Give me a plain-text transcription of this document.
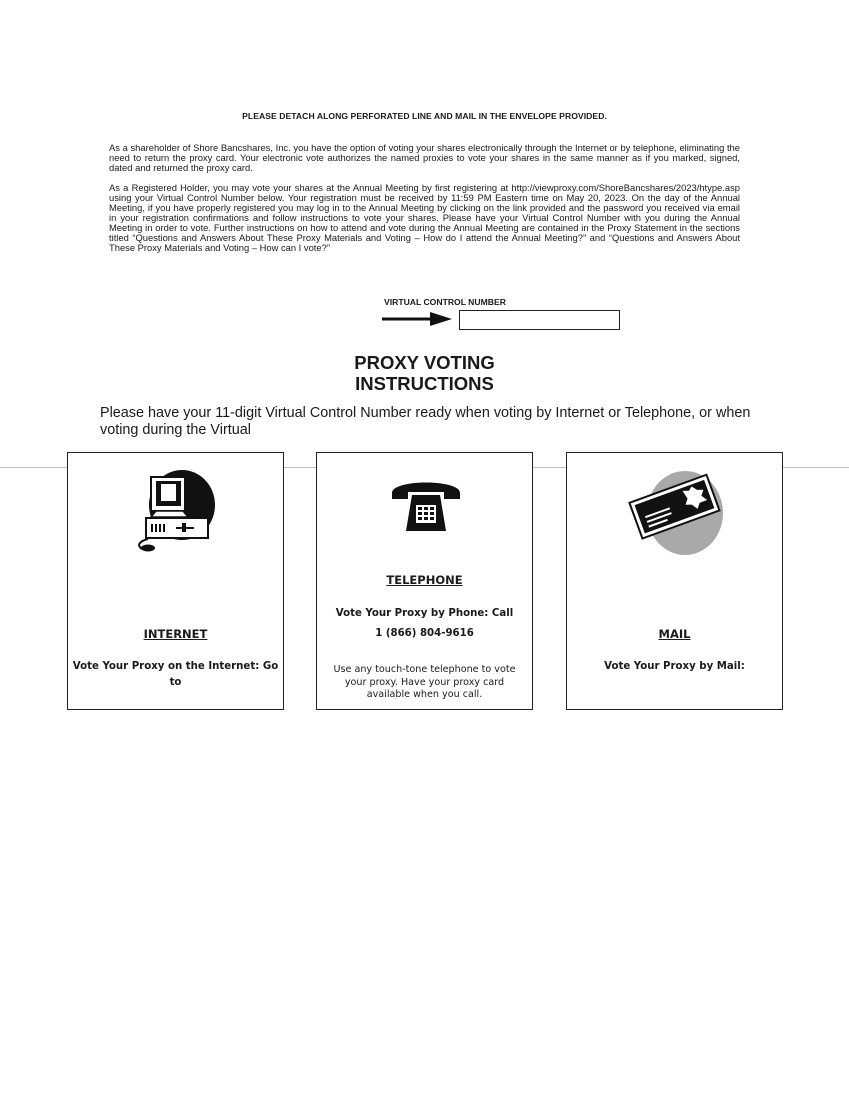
PLEASE DETACH ALONG PERFORATED LINE AND MAIL IN THE ENVELOPE PROVIDED.
As a shareholder of Shore Bancshares, Inc. you have the option of voting your shares electronically through the Internet or by telephone, eliminating the need to return the proxy card. Your electronic vote authorizes the named proxies to vote your shares in the same manner as if you marked, signed, dated and returned the proxy card.
As a Registered Holder, you may vote your shares at the Annual Meeting by first registering at http://viewproxy.com/ShoreBancshares/2023/htype.asp using your Virtual Control Number below. Your registration must be received by 11:59 PM Eastern time on May 20, 2023. On the day of the Annual Meeting, if you have properly registered you may log in to the Annual Meeting by clicking on the link provided and the password you received via email in your registration confirmations and follow instructions to vote your shares. Please have your Virtual Control Number with you during the Annual Meeting in order to vote. Further instructions on how to attend and vote during the Annual Meeting are contained in the Proxy Statement in the sections titled “Questions and Answers About These Proxy Materials and Voting – How do I attend the Annual Meeting?” and “Questions and Answers About These Proxy Materials and Voting – How can I vote?”
VIRTUAL CONTROL NUMBER
PROXY VOTING
INSTRUCTIONS
Please have your 11-digit Virtual Control Number ready when voting by Internet or Telephone, or when voting during the Virtual
INTERNET
Vote Your Proxy on the Internet: Go to
TELEPHONE
Vote Your Proxy by Phone: Call
1 (866) 804-9616
Use any touch-tone telephone to vote your proxy. Have your proxy card available when you call.
MAIL
Vote Your Proxy by Mail:
